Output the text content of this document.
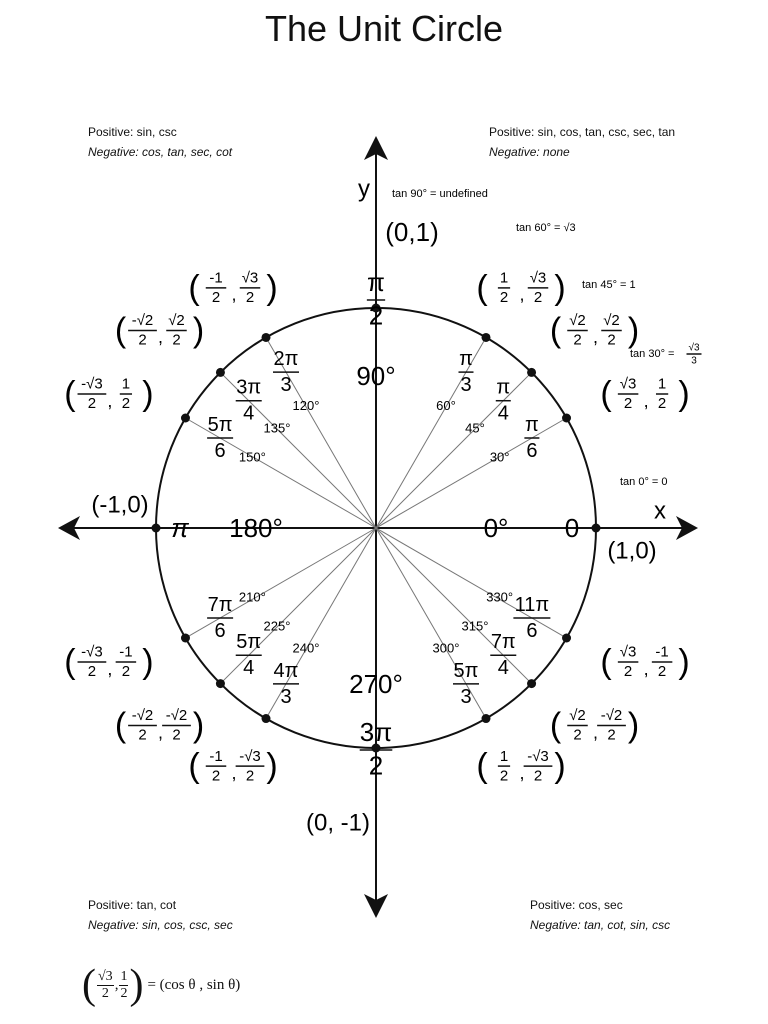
The Unit Circle
Positive: sin, csc
Negative: cos, tan, sec, cot
Positive: sin, cos, tan, csc, sec, tan
Negative: none
Positive: tan, cot
Negative: sin, cos, csc, sec
Positive: cos, sec
Negative: tan, cot, sin, csc
30°
π
6
( √3
2 ,
1
2 )
45°
π
4
( √2
2 ,
√2
2 )
60°
π
3
( 1
2 ,
√3
2 )
120°
2π
3
( -1
2 ,
√3
2 )
135°
3π
4
( -√2
2 ,
√2
2 )
150°
5π
6
( -√3
2 ,
1
2 )
210°
7π
6
( -√3
2 ,
-1
2 )
225°
5π
4
( -√2
2 ,
-√2
2 )
240°
4π
3
( -1
2 ,
-√3
2 )
300°
5π
3
( 1
2 ,
-√3
2 )
315°
7π
4
( √2
2 ,
-√2
2 )
330° 11π
6
( √3
2 ,
-1
2 )
0° 0
(1,0)
x
90°
π
2
(0,1)
y
180°
π
(-1,0)
270°
3π
2
(0, -1)
tan 90° = undefined
tan 60° = √3
tan 45° = 1
tan 30° = √3
3
tan 0° = 0
( $\frac{√3}{2}$ , $\frac{1}{2}$ ) = (cos θ , sin θ)
